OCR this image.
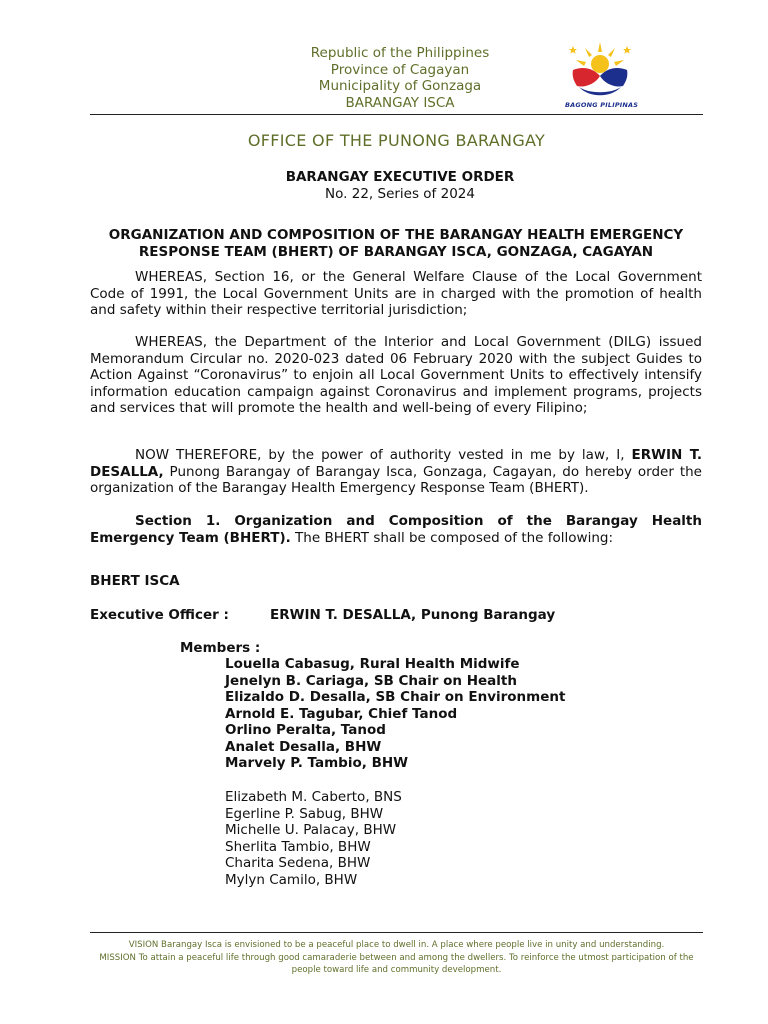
Republic of the Philippines
Province of Cagayan
Municipality of Gonzaga
BARANGAY ISCA	BAGONG PILIPINAS
OFFICE OF THE PUNONG BARANGAY
BARANGAY EXECUTIVE ORDER
No. 22, Series of 2024
ORGANIZATION AND COMPOSITION OF THE BARANGAY HEALTH EMERGENCY RESPONSE TEAM (BHERT) OF BARANGAY ISCA, GONZAGA, CAGAYAN
WHEREAS, Section 16, or the General Welfare Clause of the Local Government Code of 1991, the Local Government Units are in charged with the promotion of health and safety within their respective territorial jurisdiction;
WHEREAS, the Department of the Interior and Local Government (DILG) issued Memorandum Circular no. 2020-023 dated 06 February 2020 with the subject Guides to Action Against “Coronavirus” to enjoin all Local Government Units to effectively intensify information education campaign against Coronavirus and implement programs, projects and services that will promote the health and well-being of every Filipino;
NOW THEREFORE, by the power of authority vested in me by law, I, ERWIN T. DESALLA, Punong Barangay of Barangay Isca, Gonzaga, Cagayan, do hereby order the organization of the Barangay Health Emergency Response Team (BHERT).
Section 1. Organization and Composition of the Barangay Health Emergency Team (BHERT). The BHERT shall be composed of the following:
BHERT ISCA
Executive Officer :	ERWIN T. DESALLA, Punong Barangay
Members :
Louella Cabasug, Rural Health Midwife
Jenelyn B. Cariaga, SB Chair on Health
Elizaldo D. Desalla, SB Chair on Environment
Arnold E. Tagubar, Chief Tanod
Orlino Peralta, Tanod
Analet Desalla, BHW
Marvely P. Tambio, BHW
Elizabeth M. Caberto, BNS
Egerline P. Sabug, BHW
Michelle U. Palacay, BHW
Sherlita Tambio, BHW
Charita Sedena, BHW
Mylyn Camilo, BHW
VISION Barangay Isca is envisioned to be a peaceful place to dwell in. A place where people live in unity and understanding.
MISSION To attain a peaceful life through good camaraderie between and among the dwellers. To reinforce the utmost participation of the people toward life and community development.
